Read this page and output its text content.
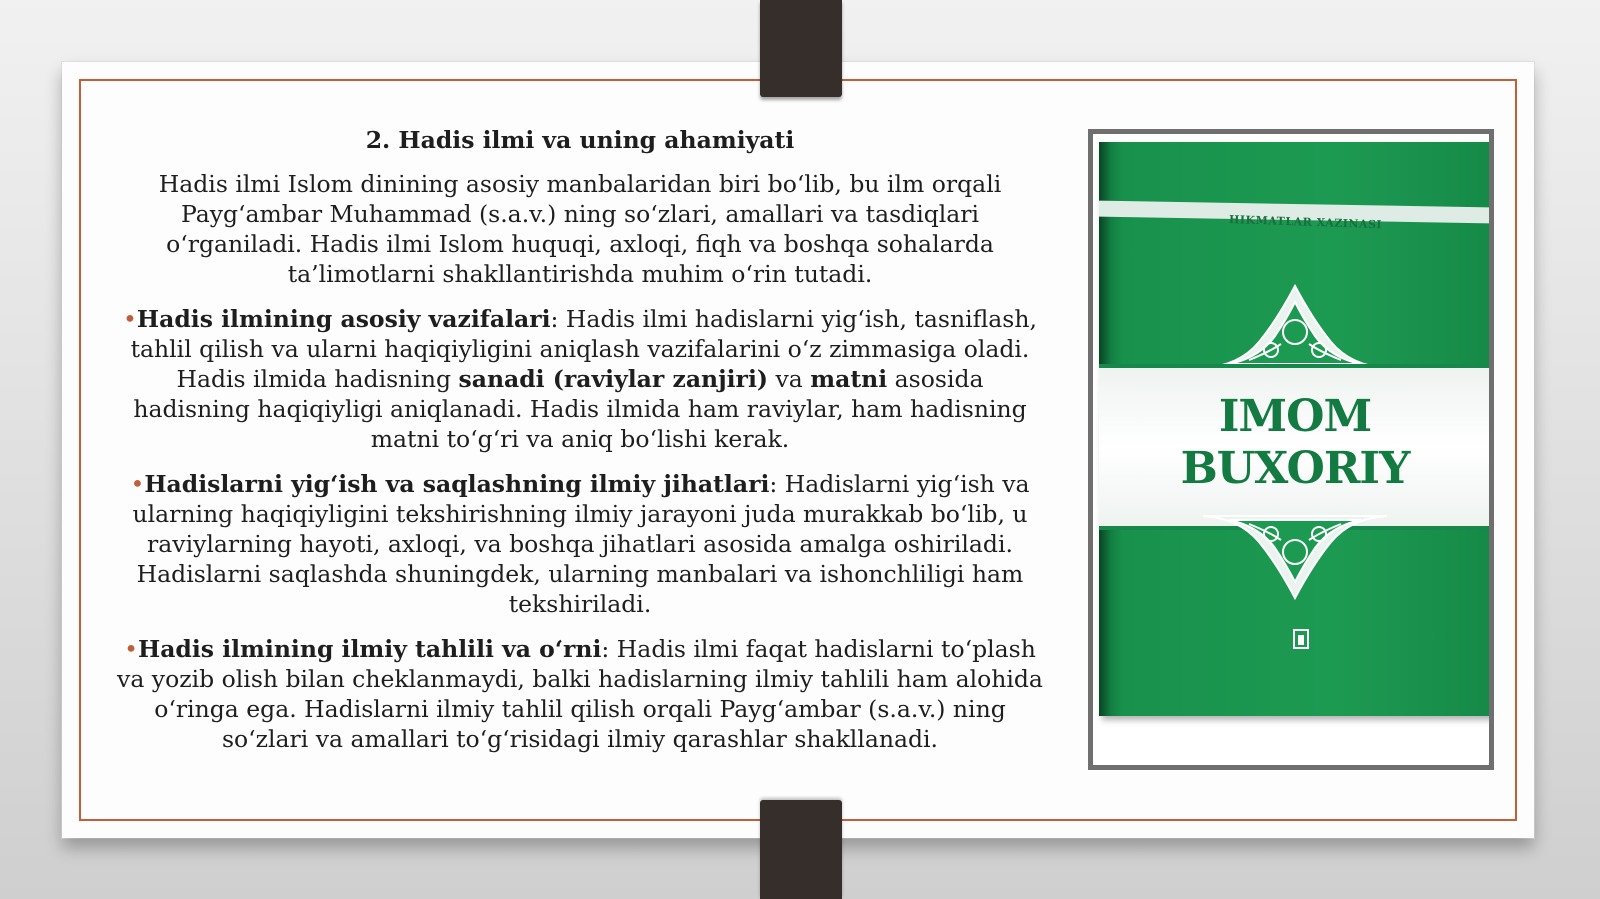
2. Hadis ilmi va uning ahamiyati
Hadis ilmi Islom dinining asosiy manbalaridan biri bo‘lib, bu ilm orqali Payg‘ambar Muhammad (s.a.v.) ning so‘zlari, amallari va tasdiqlari o‘rganiladi. Hadis ilmi Islom huquqi, axloqi, fiqh va boshqa sohalarda ta’limotlarni shakllantirishda muhim o‘rin tutadi.
•Hadis ilmining asosiy vazifalari: Hadis ilmi hadislarni yig‘ish, tasniflash, tahlil qilish va ularni haqiqiyligini aniqlash vazifalarini o‘z zimmasiga oladi. Hadis ilmida hadisning sanadi (raviylar zanjiri) va matni asosida hadisning haqiqiyligi aniqlanadi. Hadis ilmida ham raviylar, ham hadisning matni to‘g‘ri va aniq bo‘lishi kerak.
•Hadislarni yig‘ish va saqlashning ilmiy jihatlari: Hadislarni yig‘ish va ularning haqiqiyligini tekshirishning ilmiy jarayoni juda murakkab bo‘lib, u raviylarning hayoti, axloqi, va boshqa jihatlari asosida amalga oshiriladi. Hadislarni saqlashda shuningdek, ularning manbalari va ishonchliligi ham tekshiriladi.
•Hadis ilmining ilmiy tahlili va o‘rni: Hadis ilmi faqat hadislarni to‘plash va yozib olish bilan cheklanmaydi, balki hadislarning ilmiy tahlili ham alohida o‘ringa ega. Hadislarni ilmiy tahlil qilish orqali Payg‘ambar (s.a.v.) ning so‘zlari va amallari to‘g‘risidagi ilmiy qarashlar shakllanadi.
HIKMATLAR XAZINASI
IMOM
BUXORIY
